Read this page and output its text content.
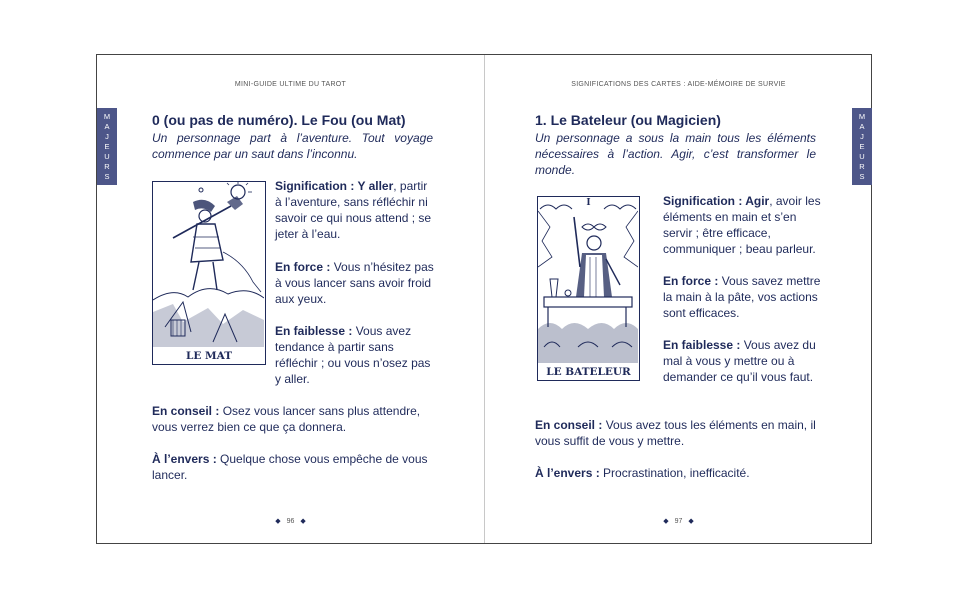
MINI-GUIDE ULTIME DU TAROT
M
A
J
E
U
R
S
0 (ou pas de numéro). Le Fou (ou Mat)

Un personnage part à l’aventure. Tout voyage commence par un saut dans l’inconnu.

LE MAT

Signification : Y aller, partir à l’aventure, sans réfléchir ni savoir ce qui nous attend ; se jeter à l’eau.

En force : Vous n’hésitez pas à vous lancer sans avoir froid aux yeux.

En faiblesse : Vous avez tendance à partir sans réfléchir ; ou vous n’osez pas y aller.

En conseil : Osez vous lancer sans plus attendre, vous verrez bien ce que ça donnera.

À l’envers : Quelque chose vous empêche de vous lancer.

◆ 96 ◆
SIGNIFICATIONS DES CARTES : AIDE-MÉMOIRE DE SURVIE
M
A
J
E
U
R
S
1. Le Bateleur (ou Magicien)

Un personnage a sous la main tous les éléments nécessaires à l’action. Agir, c’est transformer le monde.

I
LE BATELEUR

Signification : Agir, avoir les éléments en main et s’en servir ; être efficace, communiquer ; beau parleur.

En force : Vous savez mettre la main à la pâte, vos actions sont efficaces.

En faiblesse : Vous avez du mal à vous y mettre ou à demander ce qu’il vous faut.

En conseil : Vous avez tous les éléments en main, il vous suffit de vous y mettre.

À l’envers : Procrastination, inefficacité.

◆ 97 ◆
